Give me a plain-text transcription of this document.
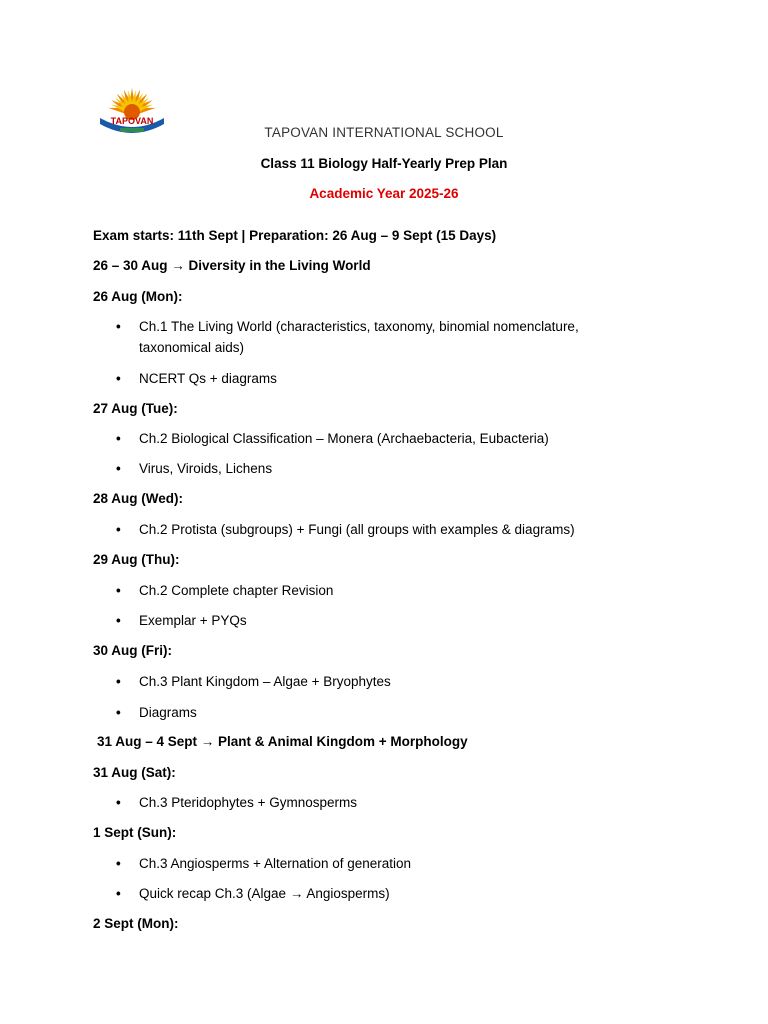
TAPOVAN
TAPOVAN INTERNATIONAL SCHOOL
Class 11 Biology Half-Yearly Prep Plan
Academic Year 2025-26
Exam starts: 11th Sept | Preparation: 26 Aug – 9 Sept (15 Days)
26 – 30 Aug → Diversity in the Living World
26 Aug (Mon):
• Ch.1 The Living World (characteristics, taxonomy, binomial nomenclature, taxonomical aids)
• NCERT Qs + diagrams
27 Aug (Tue):
• Ch.2 Biological Classification – Monera (Archaebacteria, Eubacteria)
• Virus, Viroids, Lichens
28 Aug (Wed):
• Ch.2 Protista (subgroups) + Fungi (all groups with examples & diagrams)
29 Aug (Thu):
• Ch.2 Complete chapter Revision
• Exemplar + PYQs
30 Aug (Fri):
• Ch.3 Plant Kingdom – Algae + Bryophytes
• Diagrams
31 Aug – 4 Sept → Plant & Animal Kingdom + Morphology
31 Aug (Sat):
• Ch.3 Pteridophytes + Gymnosperms
1 Sept (Sun):
• Ch.3 Angiosperms + Alternation of generation
• Quick recap Ch.3 (Algae → Angiosperms)
2 Sept (Mon):
